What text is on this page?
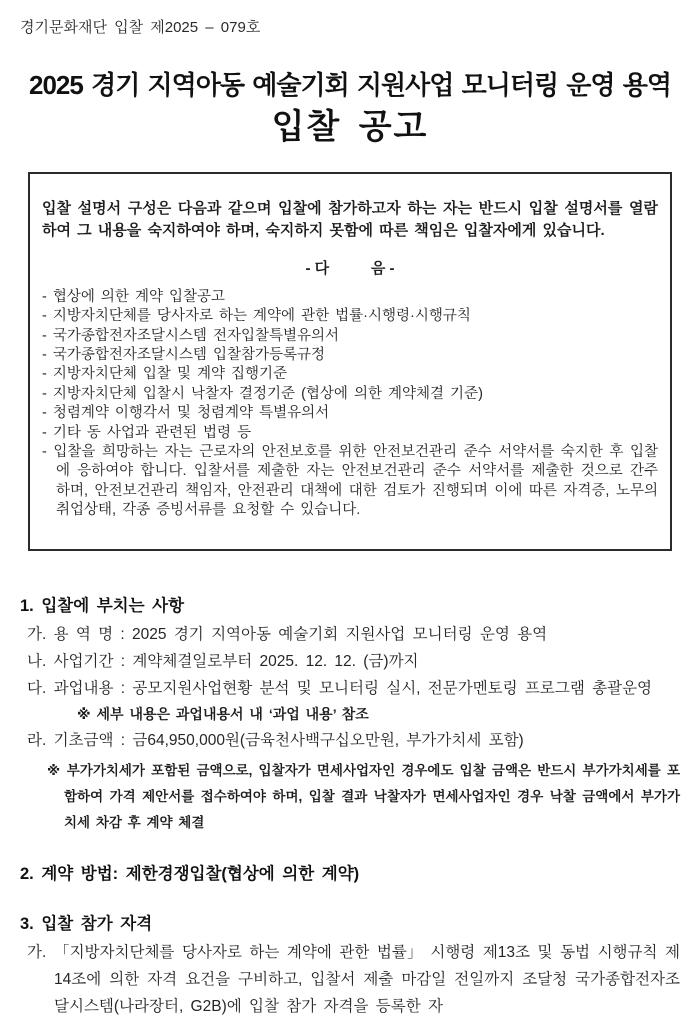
경기문화재단 입찰 제2025 – 079호
2025 경기 지역아동 예술기회 지원사업 모니터링 운영 용역
입찰 공고
입찰 설명서 구성은 다음과 같으며 입찰에 참가하고자 하는 자는 반드시 입찰 설명서를 열람하여 그 내용을 숙지하여야 하며, 숙지하지 못함에 따른 책임은 입찰자에게 있습니다.
- 다          음 -
- 협상에 의한 계약 입찰공고
- 지방자치단체를 당사자로 하는 계약에 관한 법률·시행령·시행규칙
- 국가종합전자조달시스템 전자입찰특별유의서
- 국가종합전자조달시스템 입찰참가등록규정
- 지방자치단체 입찰 및 계약 집행기준
- 지방자치단체 입찰시 낙찰자 결정기준 (협상에 의한 계약체결 기준)
- 청렴계약 이행각서 및 청렴계약 특별유의서
- 기타 동 사업과 관련된 법령 등
- 입찰을 희망하는 자는 근로자의 안전보호를 위한 안전보건관리 준수 서약서를 숙지한 후 입찰에 응하여야 합니다. 입찰서를 제출한 자는 안전보건관리 준수 서약서를 제출한 것으로 간주하며, 안전보건관리 책임자, 안전관리 대책에 대한 검토가 진행되며 이에 따른 자격증, 노무의 취업상태, 각종 증빙서류를 요청할 수 있습니다.
1. 입찰에 부치는 사항
가. 용 역 명 : 2025 경기 지역아동 예술기회 지원사업 모니터링 운영 용역
나. 사업기간 : 계약체결일로부터 2025. 12. 12. (금)까지
다. 과업내용 : 공모지원사업현황 분석 및 모니터링 실시, 전문가멘토링 프로그램 총괄운영
※ 세부 내용은 과업내용서 내 ‘과업 내용’ 참조
라. 기초금액 : 금64,950,000원(금육천사백구십오만원, 부가가치세 포함)
※ 부가가치세가 포함된 금액으로, 입찰자가 면세사업자인 경우에도 입찰 금액은 반드시 부가가치세를 포함하여 가격 제안서를 접수하여야 하며, 입찰 결과 낙찰자가 면세사업자인 경우 낙찰 금액에서 부가가치세 차감 후 계약 체결
2. 계약 방법: 제한경쟁입찰(협상에 의한 계약)
3. 입찰 참가 자격
가. 「지방자치단체를 당사자로 하는 계약에 관한 법률」 시행령 제13조 및 동법 시행규칙 제14조에 의한 자격 요건을 구비하고, 입찰서 제출 마감일 전일까지 조달청 국가종합전자조달시스템(나라장터, G2B)에 입찰 참가 자격을 등록한 자
